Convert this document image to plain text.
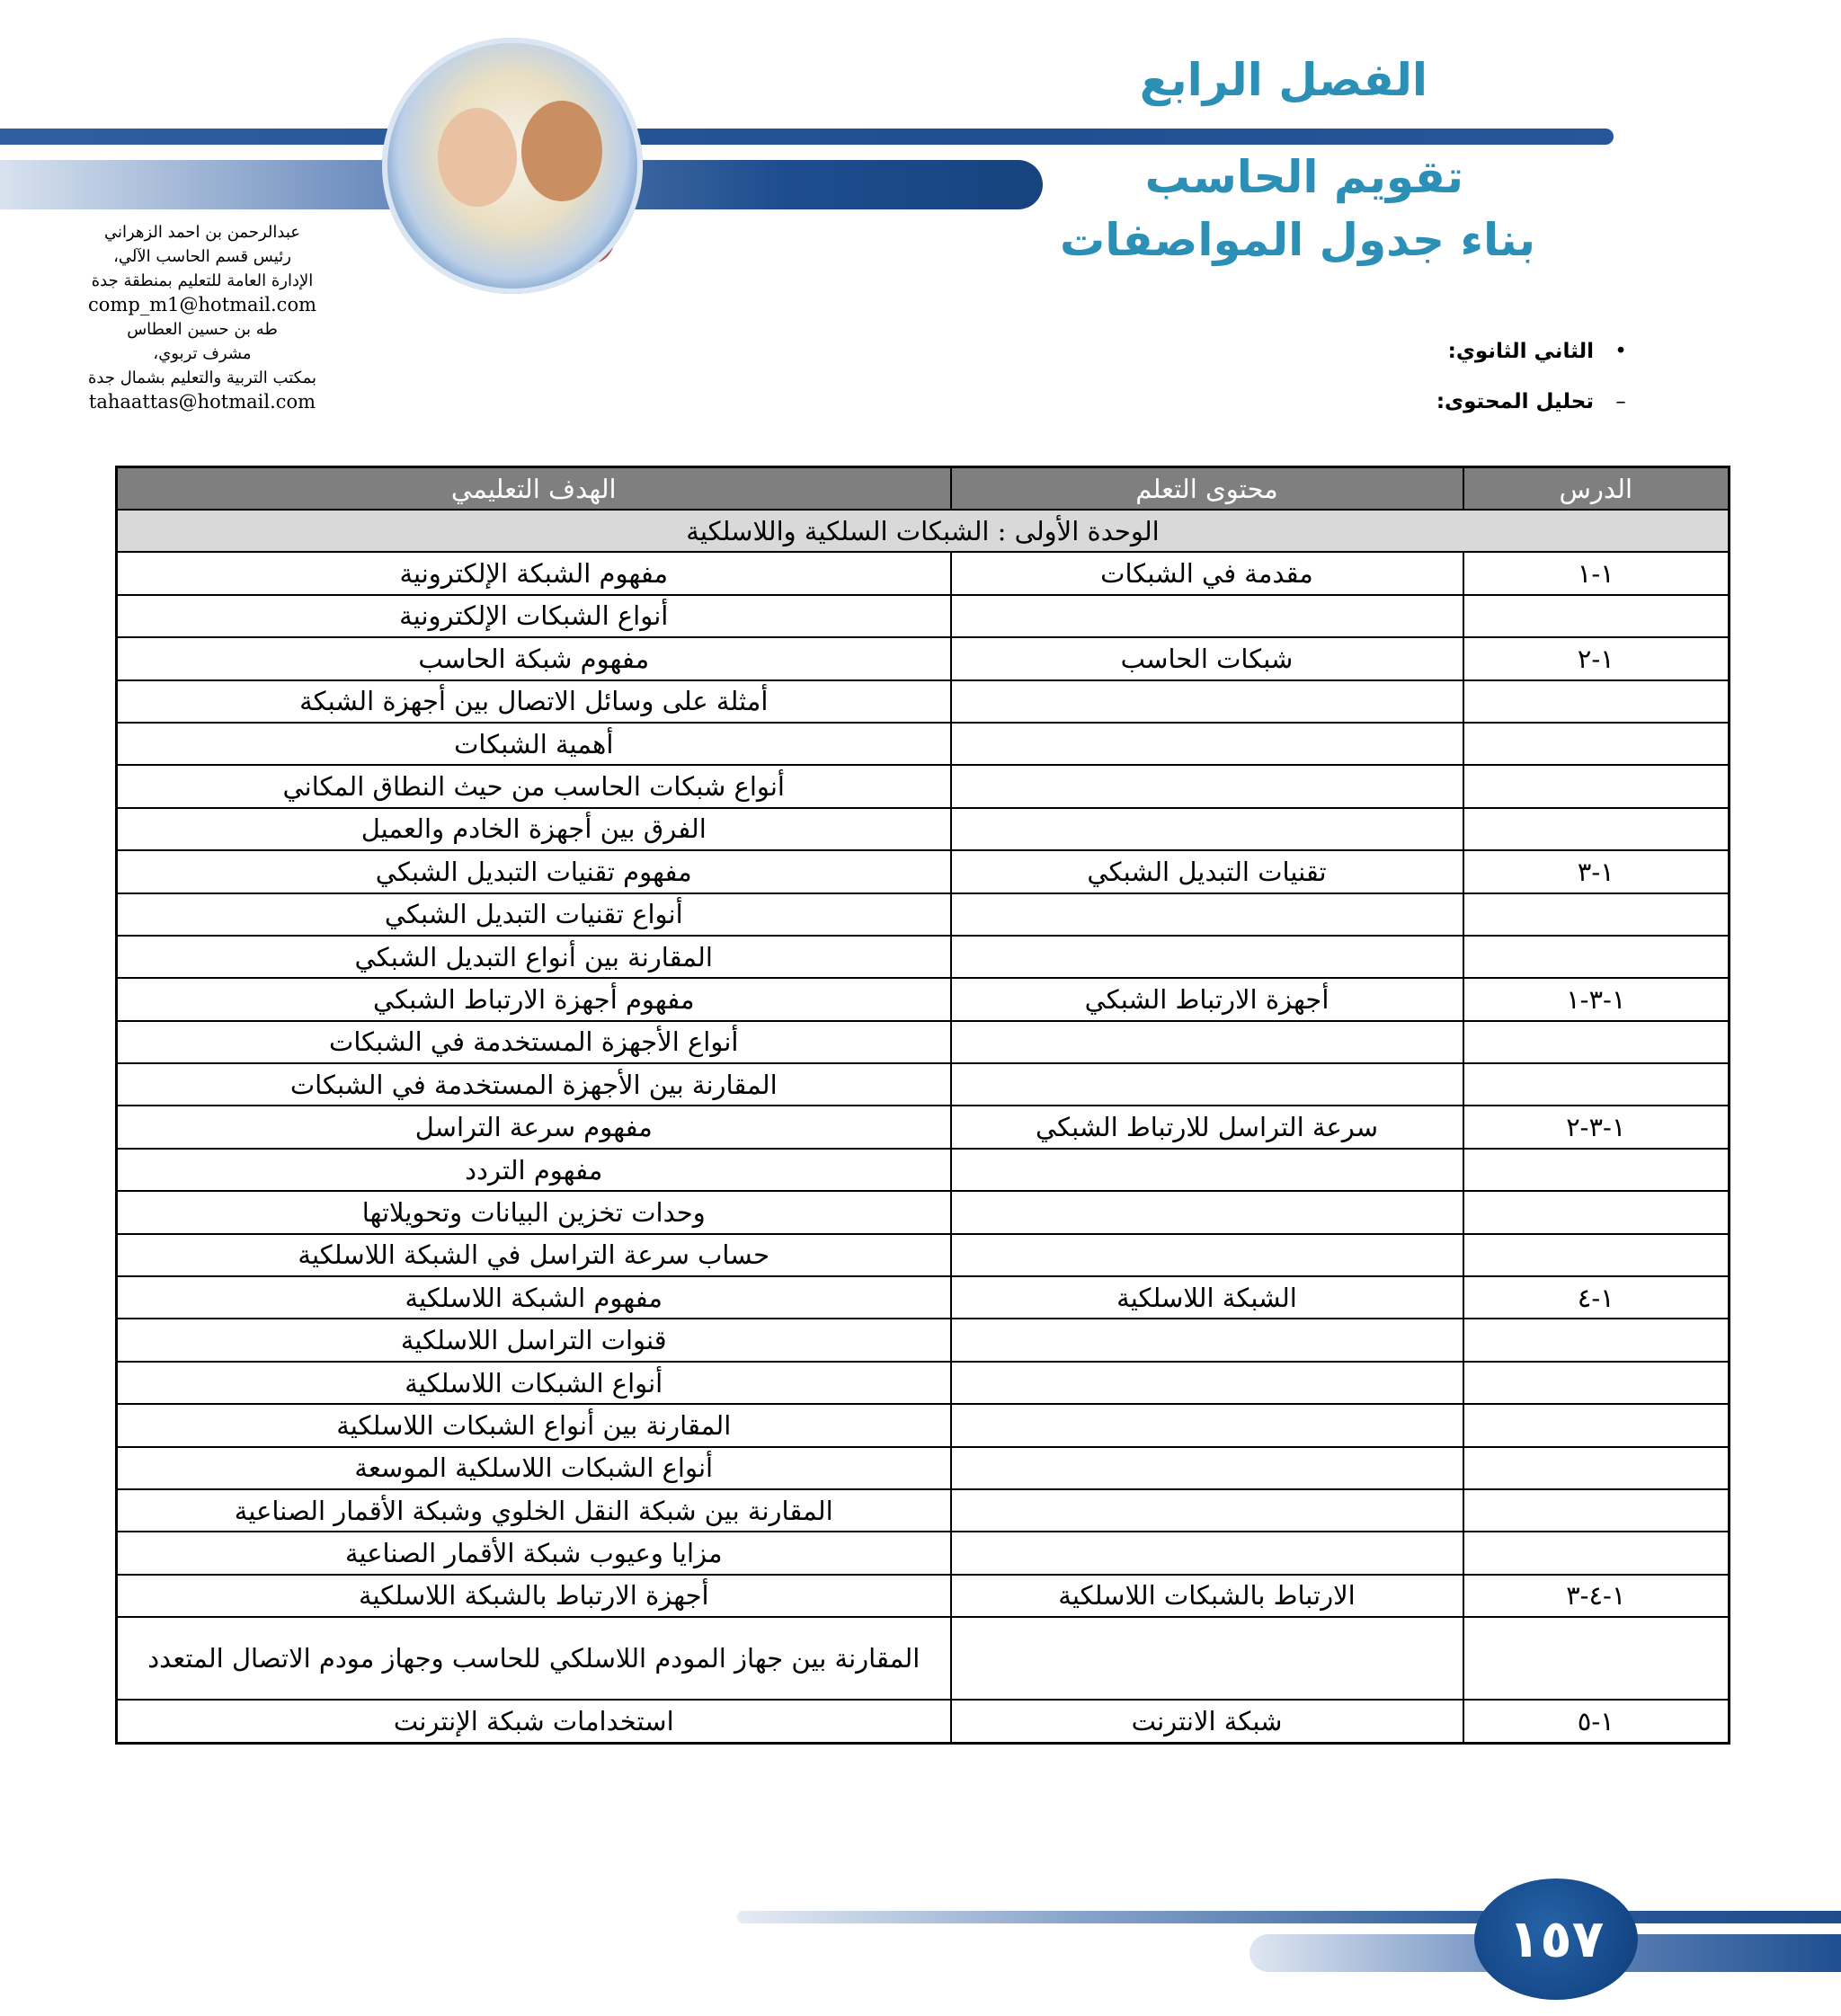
الفصل الرابع
تقويم الحاسب
بناء جدول المواصفات
عبدالرحمن بن احمد الزهراني
رئيس قسم الحاسب الآلي،
الإدارة العامة للتعليم بمنطقة جدة
comp_m1@hotmail.com
طه بن حسين العطاس
مشرف تربوي،
بمكتب التربية والتعليم بشمال جدة
tahaattas@hotmail.com
•الثاني الثانوي:
–تحليل المحتوى:
الدرس	محتوى التعلم	الهدف التعليمي
الوحدة الأولى : الشبكات السلكية واللاسلكية		
١-١	مقدمة في الشبكات	مفهوم الشبكة الإلكترونية
		أنواع الشبكات الإلكترونية
١-٢	شبكات الحاسب	مفهوم شبكة الحاسب
		أمثلة على وسائل الاتصال بين أجهزة الشبكة
		أهمية الشبكات
		أنواع شبكات الحاسب من حيث النطاق المكاني
		الفرق بين أجهزة الخادم والعميل
١-٣	تقنيات التبديل الشبكي	مفهوم تقنيات التبديل الشبكي
		أنواع تقنيات التبديل الشبكي
		المقارنة بين أنواع التبديل الشبكي
١-٣-١	أجهزة الارتباط الشبكي	مفهوم أجهزة الارتباط الشبكي
		أنواع الأجهزة المستخدمة في الشبكات
		المقارنة بين الأجهزة المستخدمة في الشبكات
١-٣-٢	سرعة التراسل للارتباط الشبكي	مفهوم سرعة التراسل
		مفهوم التردد
		وحدات تخزين البيانات وتحويلاتها
		حساب سرعة التراسل في الشبكة اللاسلكية
١-٤	الشبكة اللاسلكية	مفهوم الشبكة اللاسلكية
		قنوات التراسل اللاسلكية
		أنواع الشبكات اللاسلكية
		المقارنة بين أنواع الشبكات اللاسلكية
		أنواع الشبكات اللاسلكية الموسعة
		المقارنة بين شبكة النقل الخلوي وشبكة الأقمار الصناعية
		مزايا وعيوب شبكة الأقمار الصناعية
١-٤-٣	الارتباط بالشبكات اللاسلكية	أجهزة الارتباط بالشبكة اللاسلكية
		المقارنة بين جهاز المودم اللاسلكي للحاسب وجهاز مودم الاتصال المتعدد
١-٥	شبكة الانترنت	استخدامات شبكة الإنترنت
١٥٧
